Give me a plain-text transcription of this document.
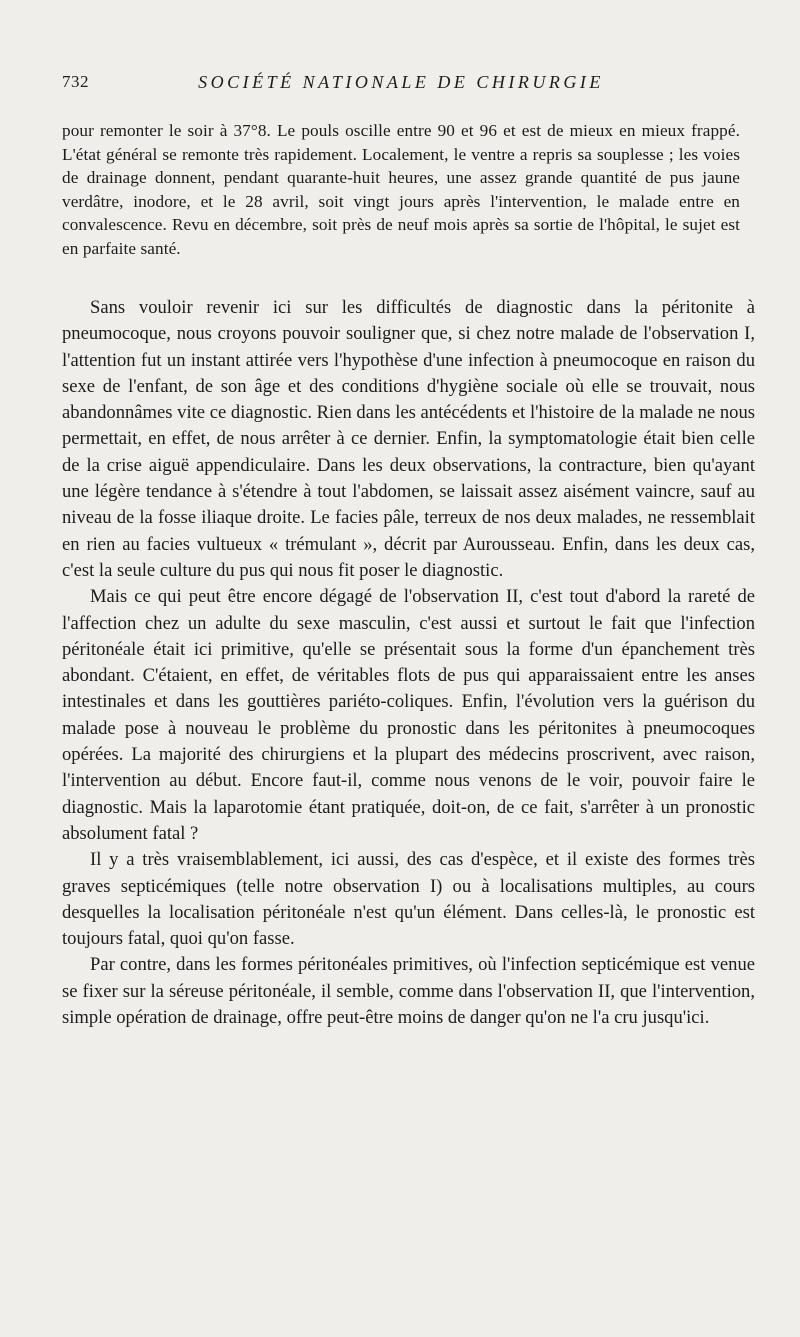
732	SOCIÉTÉ NATIONALE DE CHIRURGIE

pour remonter le soir à 37°8. Le pouls oscille entre 90 et 96 et est de mieux en mieux frappé. L'état général se remonte très rapidement. Localement, le ventre a repris sa souplesse ; les voies de drainage donnent, pendant quarante-huit heures, une assez grande quantité de pus jaune verdâtre, inodore, et le 28 avril, soit vingt jours après l'intervention, le malade entre en convalescence. Revu en décembre, soit près de neuf mois après sa sortie de l'hôpital, le sujet est en parfaite santé.

Sans vouloir revenir ici sur les difficultés de diagnostic dans la péritonite à pneumocoque, nous croyons pouvoir souligner que, si chez notre malade de l'observation I, l'attention fut un instant attirée vers l'hypothèse d'une infection à pneumocoque en raison du sexe de l'enfant, de son âge et des conditions d'hygiène sociale où elle se trouvait, nous abandonnâmes vite ce diagnostic. Rien dans les antécédents et l'histoire de la malade ne nous permettait, en effet, de nous arrêter à ce dernier. Enfin, la symptomatologie était bien celle de la crise aiguë appendiculaire. Dans les deux observations, la contracture, bien qu'ayant une légère tendance à s'étendre à tout l'abdomen, se laissait assez aisément vaincre, sauf au niveau de la fosse iliaque droite. Le facies pâle, terreux de nos deux malades, ne ressemblait en rien au facies vultueux « trémulant », décrit par Aurousseau. Enfin, dans les deux cas, c'est la seule culture du pus qui nous fit poser le diagnostic.

Mais ce qui peut être encore dégagé de l'observation II, c'est tout d'abord la rareté de l'affection chez un adulte du sexe masculin, c'est aussi et surtout le fait que l'infection péritonéale était ici primitive, qu'elle se présentait sous la forme d'un épanchement très abondant. C'étaient, en effet, de véritables flots de pus qui apparaissaient entre les anses intestinales et dans les gouttières pariéto-coliques. Enfin, l'évolution vers la guérison du malade pose à nouveau le problème du pronostic dans les péritonites à pneumocoques opérées. La majorité des chirurgiens et la plupart des médecins proscrivent, avec raison, l'intervention au début. Encore faut-il, comme nous venons de le voir, pouvoir faire le diagnostic. Mais la laparotomie étant pratiquée, doit-on, de ce fait, s'arrêter à un pronostic absolument fatal ?

Il y a très vraisemblablement, ici aussi, des cas d'espèce, et il existe des formes très graves septicémiques (telle notre observation I) ou à localisations multiples, au cours desquelles la localisation péritonéale n'est qu'un élément. Dans celles-là, le pronostic est toujours fatal, quoi qu'on fasse.

Par contre, dans les formes péritonéales primitives, où l'infection septicémique est venue se fixer sur la séreuse péritonéale, il semble, comme dans l'observation II, que l'intervention, simple opération de drainage, offre peut-être moins de danger qu'on ne l'a cru jusqu'ici.
